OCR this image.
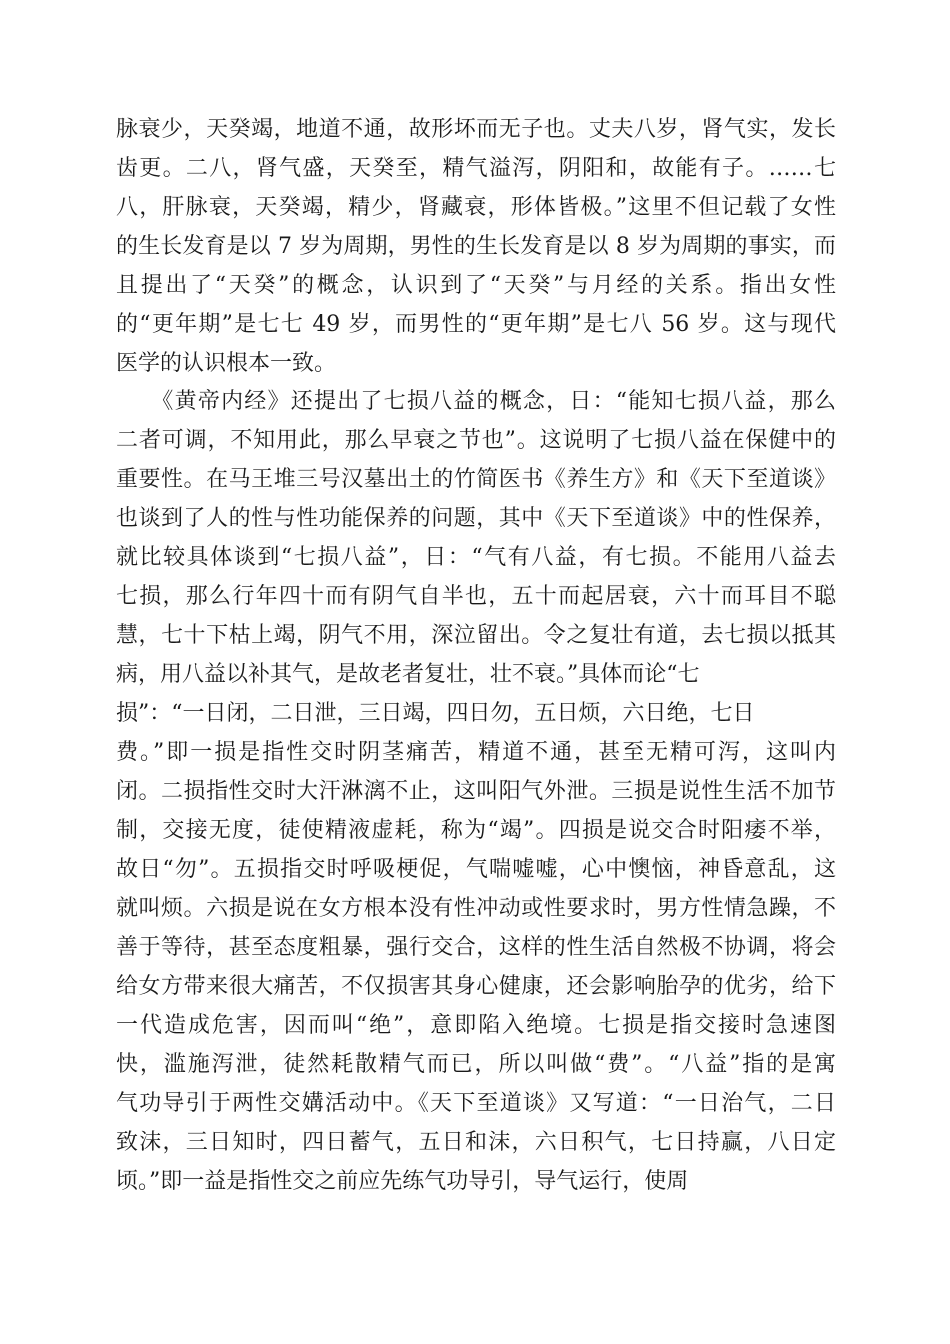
脉衰少，天癸竭，地道不通，故形坏而无子也。丈夫八岁，肾气实，发长
齿更。二八，肾气盛，天癸至，精气溢泻，阴阳和，故能有子。……七
八，肝脉衰，天癸竭，精少，肾藏衰，形体皆极。”这里不但记载了女性
的生长发育是以 7 岁为周期，男性的生长发育是以 8 岁为周期的事实，而
且提出了“天癸”的概念，认识到了“天癸”与月经的关系。指出女性
的“更年期”是七七 49 岁，而男性的“更年期”是七八 56 岁。这与现代
医学的认识根本一致。
　　《黄帝内经》还提出了七损八益的概念，日：“能知七损八益，那么
二者可调，不知用此，那么早衰之节也”。这说明了七损八益在保健中的
重要性。在马王堆三号汉墓出土的竹简医书《养生方》和《天下至道谈》
也谈到了人的性与性功能保养的问题，其中《天下至道谈》中的性保养，
就比较具体谈到“七损八益”，日：“气有八益，有七损。不能用八益去
七损，那么行年四十而有阴气自半也，五十而起居衰，六十而耳目不聪
慧，七十下枯上竭，阴气不用，深泣留出。令之复壮有道，去七损以抵其
病，用八益以补其气，是故老者复壮，壮不衰。”具体而论“七
损”：“一日闭，二日泄，三日竭，四日勿，五日烦，六日绝，七日
费。”即一损是指性交时阴茎痛苦，精道不通，甚至无精可泻，这叫内
闭。二损指性交时大汗淋漓不止，这叫阳气外泄。三损是说性生活不加节
制，交接无度，徒使精液虚耗，称为“竭”。四损是说交合时阳痿不举，
故日“勿”。五损指交时呼吸梗促，气喘嘘嘘，心中懊恼，神昏意乱，这
就叫烦。六损是说在女方根本没有性冲动或性要求时，男方性情急躁，不
善于等待，甚至态度粗暴，强行交合，这样的性生活自然极不协调，将会
给女方带来很大痛苦，不仅损害其身心健康，还会影响胎孕的优劣，给下
一代造成危害，因而叫“绝”，意即陷入绝境。七损是指交接时急速图
快，滥施泻泄，徒然耗散精气而已，所以叫做“费”。“八益”指的是寓
气功导引于两性交媾活动中。《天下至道谈》又写道：“一日治气，二日
致沫，三日知时，四日蓄气，五日和沫，六日积气，七日持赢，八日定
顷。”即一益是指性交之前应先练气功导引，导气运行，使周
